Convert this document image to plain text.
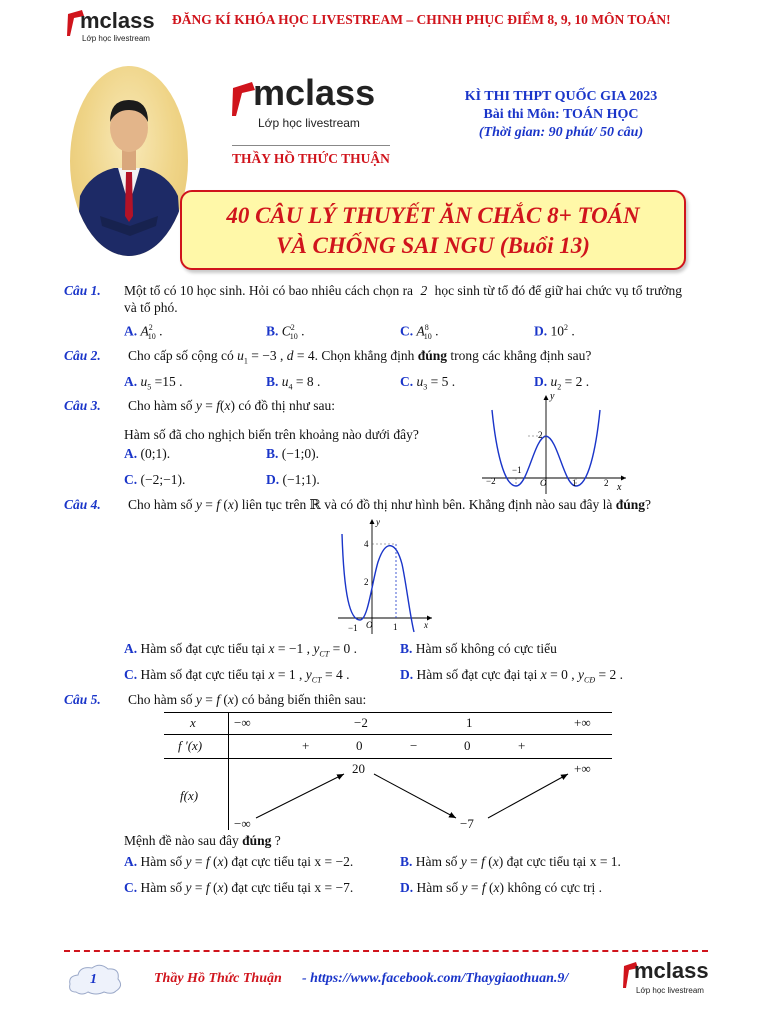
mclass
Lớp học livestream
ĐĂNG KÍ KHÓA HỌC LIVESTREAM – CHINH PHỤC ĐIỂM 8, 9, 10 MÔN TOÁN!
mclass
Lớp học livestream
THẦY HỒ THỨC THUẬN
KÌ THI THPT QUỐC GIA 2023
Bài thi Môn: TOÁN HỌC
(Thời gian: 90 phút/ 50 câu)
40 CÂU LÝ THUYẾT ĂN CHẮC 8+ TOÁN
VÀ CHỐNG SAI NGU (Buổi 13)
Câu 1. Một tổ có 10 học sinh. Hỏi có bao nhiêu cách chọn ra 2 học sinh từ tổ đó để giữ hai chức vụ tổ trưởng
và tổ phó.
A. $A^2_{10}$ .	B. $C^2_{10}$ .	C. $A^8_{10}$ .	D. $10^2$ .
Câu 2. Cho cấp số cộng có $u_1 = -3$ , d = 4. Chọn khẳng định đúng trong các khẳng định sau?
A. $u_5 =15$ .	B. $u_4 = 8$ .	C. $u_3 = 5$ .	D. $u_2 = 2$ .
Câu 3. Cho hàm số y = f(x) có đồ thị như sau:
Hàm số đã cho nghịch biến trên khoảng nào dưới đây?
A. (0;1).	B. (−1;0).
C. (−2;−1).	D. (−1;1).
y
x
2
−1
−2	O	1	2
Câu 4. Cho hàm số y = f (x) liên tục trên ℝ và có đồ thị như hình bên. Khẳng định nào sau đây là đúng?
y
x
4
2
−1 O 1
A. Hàm số đạt cực tiểu tại x = −1 , $y_{CT} = 0$ .	B. Hàm số không có cực tiểu
C. Hàm số đạt cực tiểu tại x = 1 , $y_{CT} = 4$ .	D. Hàm số đạt cực đại tại x = 0 , $y_{CĐ} = 2$ .
Câu 5. Cho hàm số y = f (x) có bảng biến thiên sau:
x	−∞	−2	1	+∞
f ′(x)	+	0	−	0	+
f(x)
20	+∞
−∞	−7
Mệnh đề nào sau đây đúng ?
A. Hàm số y = f (x) đạt cực tiểu tại x = −2.	B. Hàm số y = f (x) đạt cực tiểu tại x = 1.
C. Hàm số y = f (x) đạt cực tiểu tại x = −7.	D. Hàm số y = f (x) không có cực trị .
1	Thầy Hồ Thức Thuận - https://www.facebook.com/Thaygiaothuan.9/	mclass
Lớp học livestream
